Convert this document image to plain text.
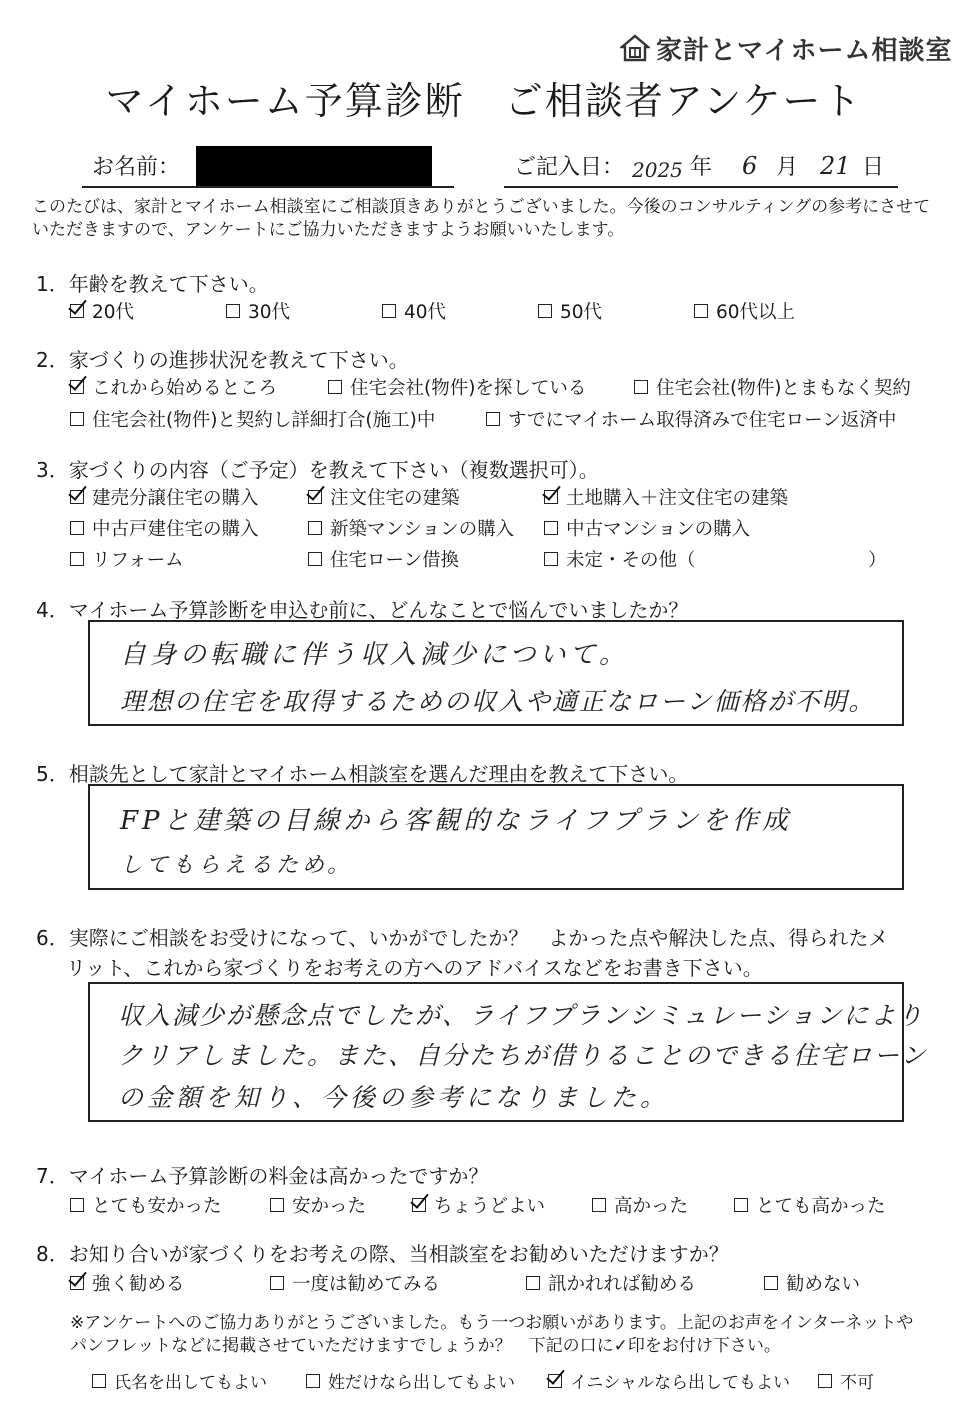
家計とマイホーム相談室
マイホーム予算診断　ご相談者アンケート
お名前：	ご記入日： 2025 年 6 月 21 日
このたびは、家計とマイホーム相談室にご相談頂きありがとうございました。今後のコンサルティングの参考にさせていただきますので、アンケートにご協力いただきますようお願いいたします。
1．年齢を教えて下さい。
20代	30代	40代	50代	60代以上
2．家づくりの進捗状況を教えて下さい。
これから始めるところ	住宅会社(物件)を探している	住宅会社(物件)とまもなく契約
住宅会社(物件)と契約し詳細打合(施工)中	すでにマイホーム取得済みで住宅ローン返済中
3．家づくりの内容（ご予定）を教えて下さい（複数選択可）。
建売分譲住宅の購入	注文住宅の建築	土地購入＋注文住宅の建築
中古戸建住宅の購入	新築マンションの購入	中古マンションの購入
リフォーム	住宅ローン借換	未定・その他（	）
4．マイホーム予算診断を申込む前に、どんなことで悩んでいましたか？
自身の転職に伴う収入減少について。
理想の住宅を取得するための収入や適正なローン価格が不明。
5．相談先として家計とマイホーム相談室を選んだ理由を教えて下さい。
FPと建築の目線から客観的なライフプランを作成
してもらえるため。
6．実際にご相談をお受けになって、いかがでしたか？　よかった点や解決した点、得られたメ
リット、これから家づくりをお考えの方へのアドバイスなどをお書き下さい。
収入減少が懸念点でしたが、ライフプランシミュレーションにより
クリアしました。また、自分たちが借りることのできる住宅ローン
の金額を知り、今後の参考になりました。
7．マイホーム予算診断の料金は高かったですか？
とても安かった	安かった	ちょうどよい	高かった	とても高かった
8．お知り合いが家づくりをお考えの際、当相談室をお勧めいただけますか？
強く勧める	一度は勧めてみる	訊かれれば勧める	勧めない
※アンケートへのご協力ありがとうございました。もう一つお願いがあります。上記のお声をインターネットやパンフレットなどに掲載させていただけますでしょうか？　下記の口に✓印をお付け下さい。
氏名を出してもよい	姓だけなら出してもよい	イニシャルなら出してもよい	不可
